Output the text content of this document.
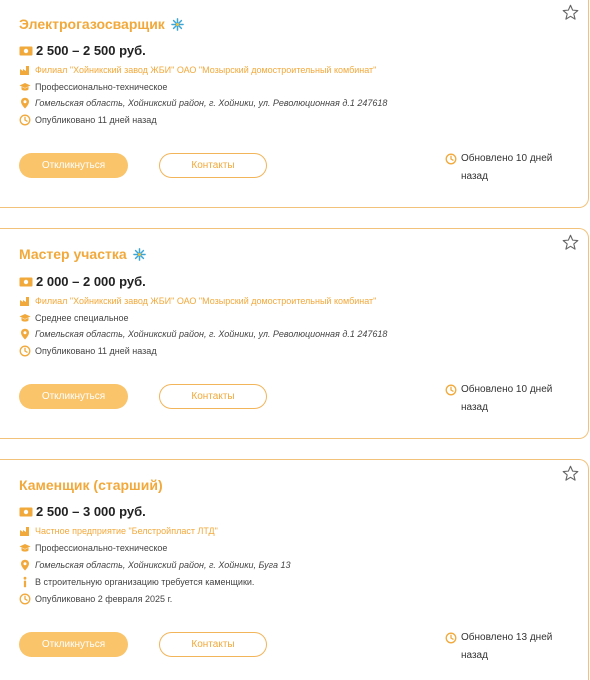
Электрогазосварщик
2 500 – 2 500 руб.
Филиал "Хойникский завод ЖБИ" ОАО "Мозырский домостроительный комбинат"
Профессионально-техническое
Гомельская область, Хойникский район, г. Хойники, ул. Революционная д.1 247618
Опубликовано 11 дней назад
Откликнуться	Контакты
Обновлено 10 дней назад
Мастер участка
2 000 – 2 000 руб.
Филиал "Хойникский завод ЖБИ" ОАО "Мозырский домостроительный комбинат"
Среднее специальное
Гомельская область, Хойникский район, г. Хойники, ул. Революционная д.1 247618
Опубликовано 11 дней назад
Откликнуться	Контакты
Обновлено 10 дней назад
Каменщик (старший)
2 500 – 3 000 руб.
Частное предприятие "Белстройпласт ЛТД"
Профессионально-техническое
Гомельская область, Хойникский район, г. Хойники, Буга 13
В строительную организацию требуется каменщики.
Опубликовано 2 февраля 2025 г.
Откликнуться	Контакты
Обновлено 13 дней назад
